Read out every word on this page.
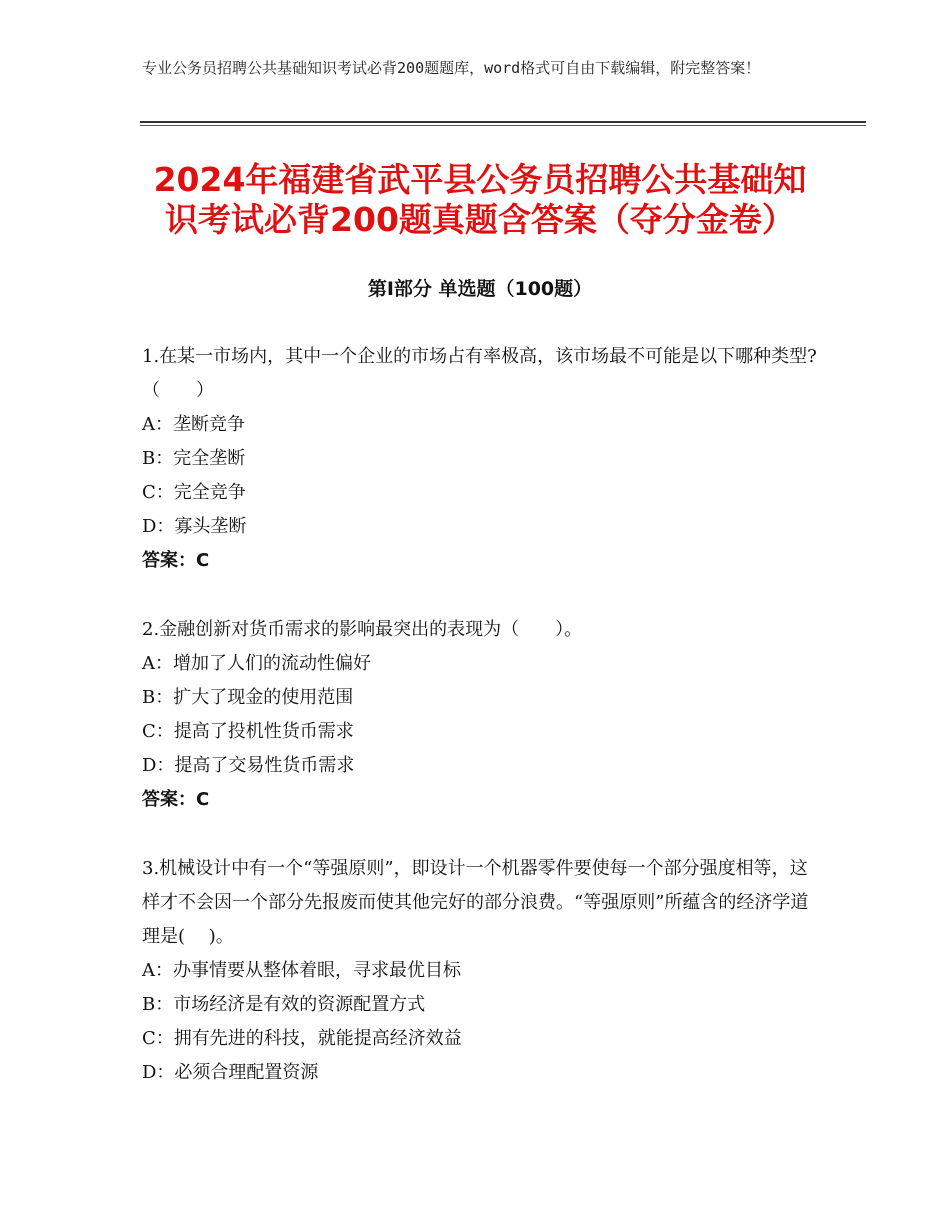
专业公务员招聘公共基础知识考试必背200题题库，word格式可自由下载编辑，附完整答案！
2024年福建省武平县公务员招聘公共基础知识考试必背200题真题含答案（夺分金卷）
第Ⅰ部分 单选题（100题）
1.在某一市场内，其中一个企业的市场占有率极高，该市场最不可能是以下哪种类型?（　　）
A：垄断竞争
B：完全垄断
C：完全竞争
D：寡头垄断
答案：C
2.金融创新对货币需求的影响最突出的表现为（　　）。
A：增加了人们的流动性偏好
B：扩大了现金的使用范围
C：提高了投机性货币需求
D：提高了交易性货币需求
答案：C
3.机械设计中有一个“等强原则”，即设计一个机器零件要使每一个部分强度相等，这样才不会因一个部分先报废而使其他完好的部分浪费。“等强原则”所蕴含的经济学道理是(　 )。
A：办事情要从整体着眼，寻求最优目标
B：市场经济是有效的资源配置方式
C：拥有先进的科技，就能提高经济效益
D：必须合理配置资源
